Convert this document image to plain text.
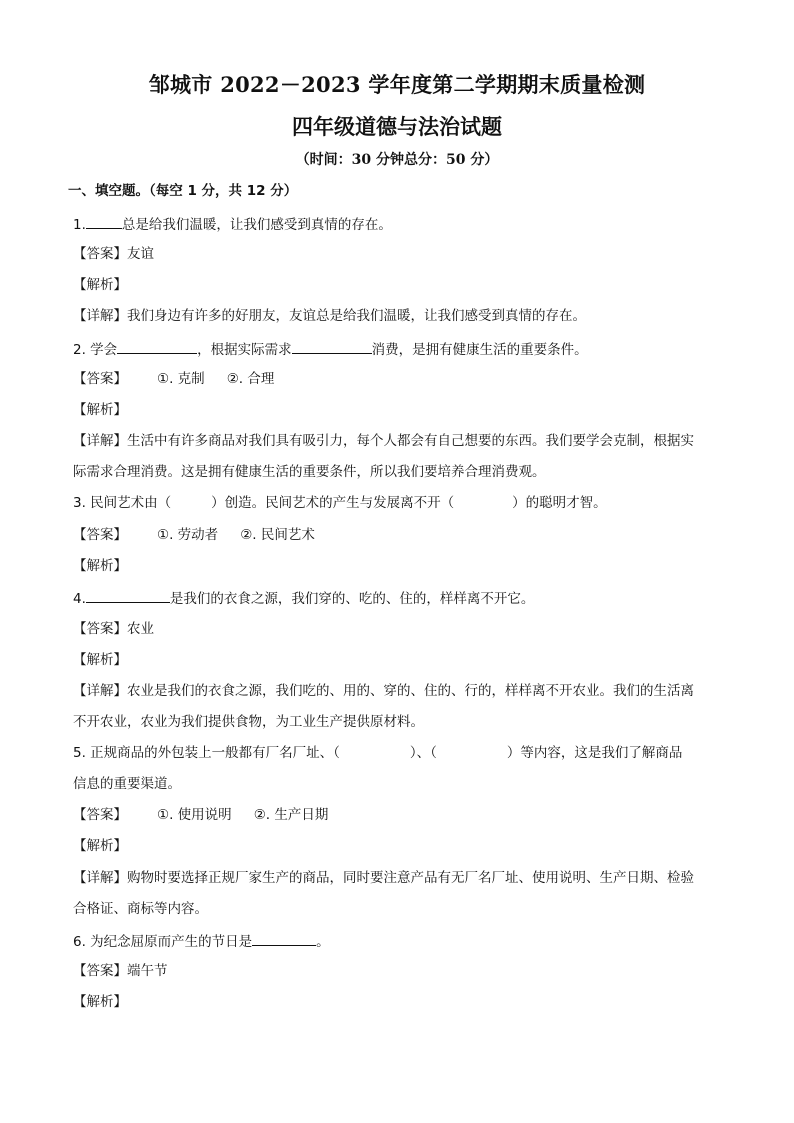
邹城市 2022－2023 学年度第二学期期末质量检测
四年级道德与法治试题
（时间：30 分钟总分：50 分）
一、填空题。（每空 1 分，共 12 分）
1.	总是给我们温暖，让我们感受到真情的存在。
【答案】友谊
【解析】
【详解】我们身边有许多的好朋友，友谊总是给我们温暖，让我们感受到真情的存在。
2. 学会	，根据实际需求	消费，是拥有健康生活的重要条件。
【答案】 ①. 克制 ②. 合理
【解析】
【详解】生活中有许多商品对我们具有吸引力，每个人都会有自己想要的东西。我们要学会克制，根据实
际需求合理消费。这是拥有健康生活的重要条件，所以我们要培养合理消费观。
3. 民间艺术由（	）创造。民间艺术的产生与发展离不开（	）的聪明才智。
【答案】 ①. 劳动者 ②. 民间艺术
【解析】
4.	是我们的衣食之源，我们穿的、吃的、住的，样样离不开它。
【答案】农业
【解析】
【详解】农业是我们的衣食之源，我们吃的、用的、穿的、住的、行的，样样离不开农业。我们的生活离
不开农业，农业为我们提供食物，为工业生产提供原材料。
5. 正规商品的外包装上一般都有厂名厂址、（	）、（	）等内容，这是我们了解商品
信息的重要渠道。
【答案】 ①. 使用说明 ②. 生产日期
【解析】
【详解】购物时要选择正规厂家生产的商品，同时要注意产品有无厂名厂址、使用说明、生产日期、检验
合格证、商标等内容。
6. 为纪念屈原而产生的节日是	。
【答案】端午节
【解析】
